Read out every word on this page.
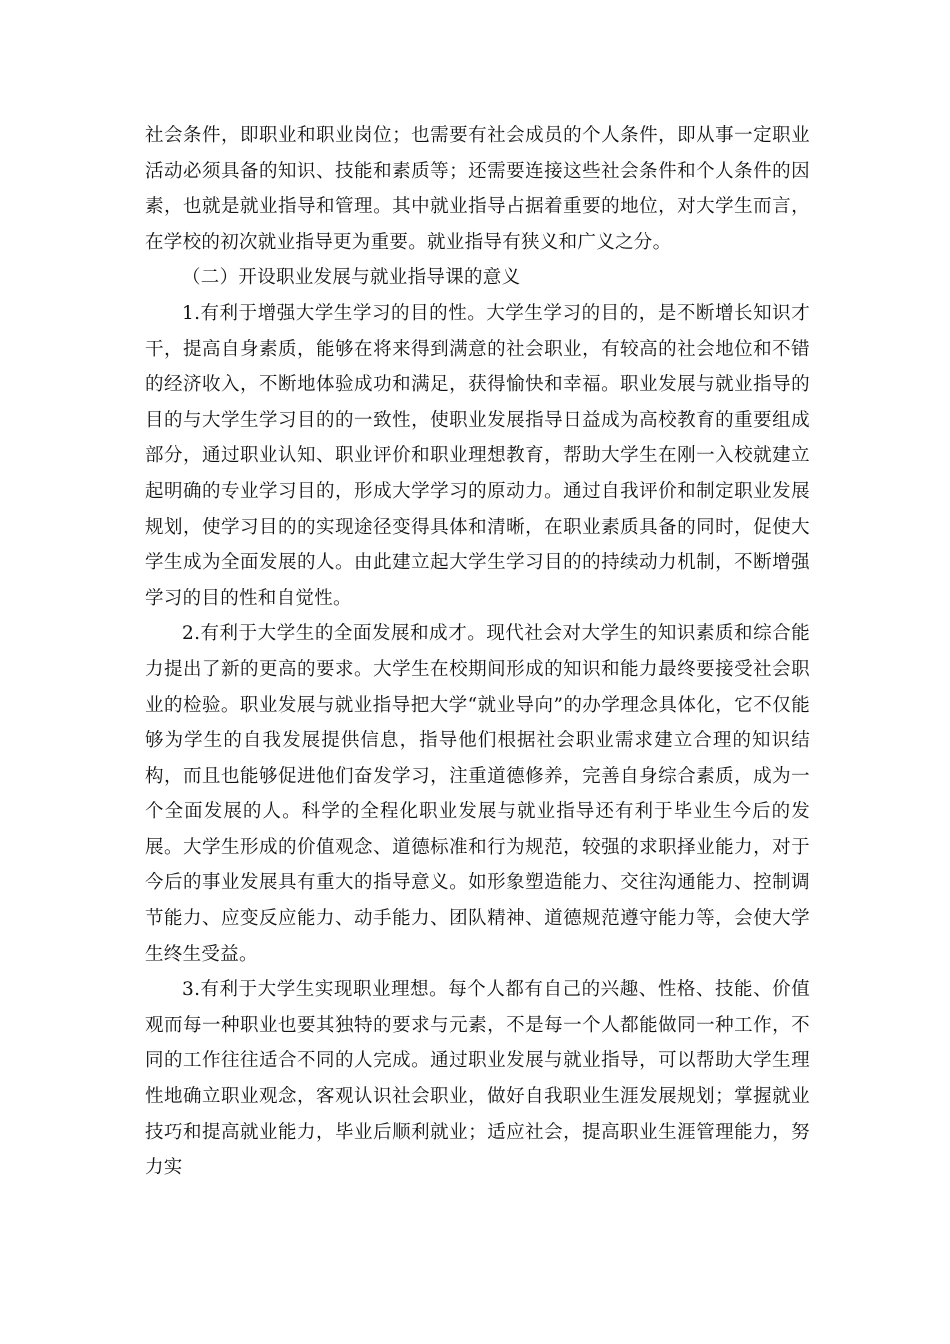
社会条件，即职业和职业岗位；也需要有社会成员的个人条件，即从事一定职业活动必须具备的知识、技能和素质等；还需要连接这些社会条件和个人条件的因素，也就是就业指导和管理。其中就业指导占据着重要的地位，对大学生而言，在学校的初次就业指导更为重要。就业指导有狭义和广义之分。

（二）开设职业发展与就业指导课的意义

1.有利于增强大学生学习的目的性。大学生学习的目的，是不断增长知识才干，提高自身素质，能够在将来得到满意的社会职业，有较高的社会地位和不错的经济收入，不断地体验成功和满足，获得愉快和幸福。职业发展与就业指导的目的与大学生学习目的的一致性，使职业发展指导日益成为高校教育的重要组成部分，通过职业认知、职业评价和职业理想教育，帮助大学生在刚一入校就建立起明确的专业学习目的，形成大学学习的原动力。通过自我评价和制定职业发展规划，使学习目的的实现途径变得具体和清晰，在职业素质具备的同时，促使大学生成为全面发展的人。由此建立起大学生学习目的的持续动力机制，不断增强学习的目的性和自觉性。

2.有利于大学生的全面发展和成才。现代社会对大学生的知识素质和综合能力提出了新的更高的要求。大学生在校期间形成的知识和能力最终要接受社会职业的检验。职业发展与就业指导把大学“就业导向”的办学理念具体化，它不仅能够为学生的自我发展提供信息，指导他们根据社会职业需求建立合理的知识结构，而且也能够促进他们奋发学习，注重道德修养，完善自身综合素质，成为一个全面发展的人。科学的全程化职业发展与就业指导还有利于毕业生今后的发展。大学生形成的价值观念、道德标准和行为规范，较强的求职择业能力，对于今后的事业发展具有重大的指导意义。如形象塑造能力、交往沟通能力、控制调节能力、应变反应能力、动手能力、团队精神、道德规范遵守能力等，会使大学生终生受益。

3.有利于大学生实现职业理想。每个人都有自己的兴趣、性格、技能、价值观而每一种职业也要其独特的要求与元素，不是每一个人都能做同一种工作，不同的工作往往适合不同的人完成。通过职业发展与就业指导，可以帮助大学生理性地确立职业观念，客观认识社会职业，做好自我职业生涯发展规划；掌握就业技巧和提高就业能力，毕业后顺利就业；适应社会，提高职业生涯管理能力，努力实
